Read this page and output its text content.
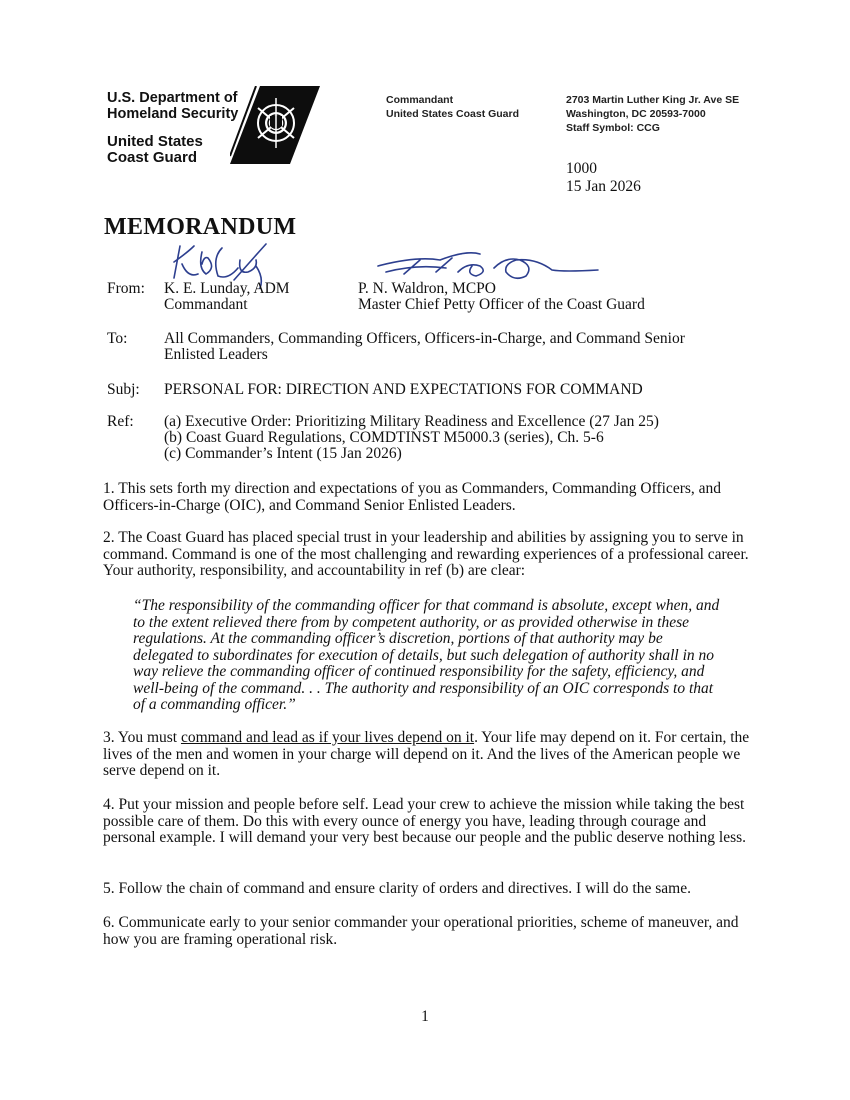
U.S. Department of
Homeland Security
United States
Coast Guard
Commandant
United States Coast Guard
2703 Martin Luther King Jr. Ave SE
Washington, DC 20593-7000
Staff Symbol: CCG
1000
15 Jan 2026
MEMORANDUM
From: K. E. Lunday, ADM
Commandant
P. N. Waldron, MCPO
Master Chief Petty Officer of the Coast Guard
To: All Commanders, Commanding Officers, Officers-in-Charge, and Command Senior
Enlisted Leaders
Subj: PERSONAL FOR: DIRECTION AND EXPECTATIONS FOR COMMAND
Ref: (a) Executive Order: Prioritizing Military Readiness and Excellence (27 Jan 25)
(b) Coast Guard Regulations, COMDTINST M5000.3 (series), Ch. 5-6
(c) Commander’s Intent (15 Jan 2026)

1. This sets forth my direction and expectations of you as Commanders, Commanding Officers, and Officers-in-Charge (OIC), and Command Senior Enlisted Leaders.

2. The Coast Guard has placed special trust in your leadership and abilities by assigning you to serve in command. Command is one of the most challenging and rewarding experiences of a professional career. Your authority, responsibility, and accountability in ref (b) are clear:

“The responsibility of the commanding officer for that command is absolute, except when, and to the extent relieved there from by competent authority, or as provided otherwise in these regulations. At the commanding officer’s discretion, portions of that authority may be delegated to subordinates for execution of details, but such delegation of authority shall in no way relieve the commanding officer of continued responsibility for the safety, efficiency, and well-being of the command. . . The authority and responsibility of an OIC corresponds to that of a commanding officer.”

3. You must command and lead as if your lives depend on it. Your life may depend on it. For certain, the lives of the men and women in your charge will depend on it. And the lives of the American people we serve depend on it.

4. Put your mission and people before self. Lead your crew to achieve the mission while taking the best possible care of them. Do this with every ounce of energy you have, leading through courage and personal example. I will demand your very best because our people and the public deserve nothing less.

5. Follow the chain of command and ensure clarity of orders and directives. I will do the same.

6. Communicate early to your senior commander your operational priorities, scheme of maneuver, and how you are framing operational risk.

1
